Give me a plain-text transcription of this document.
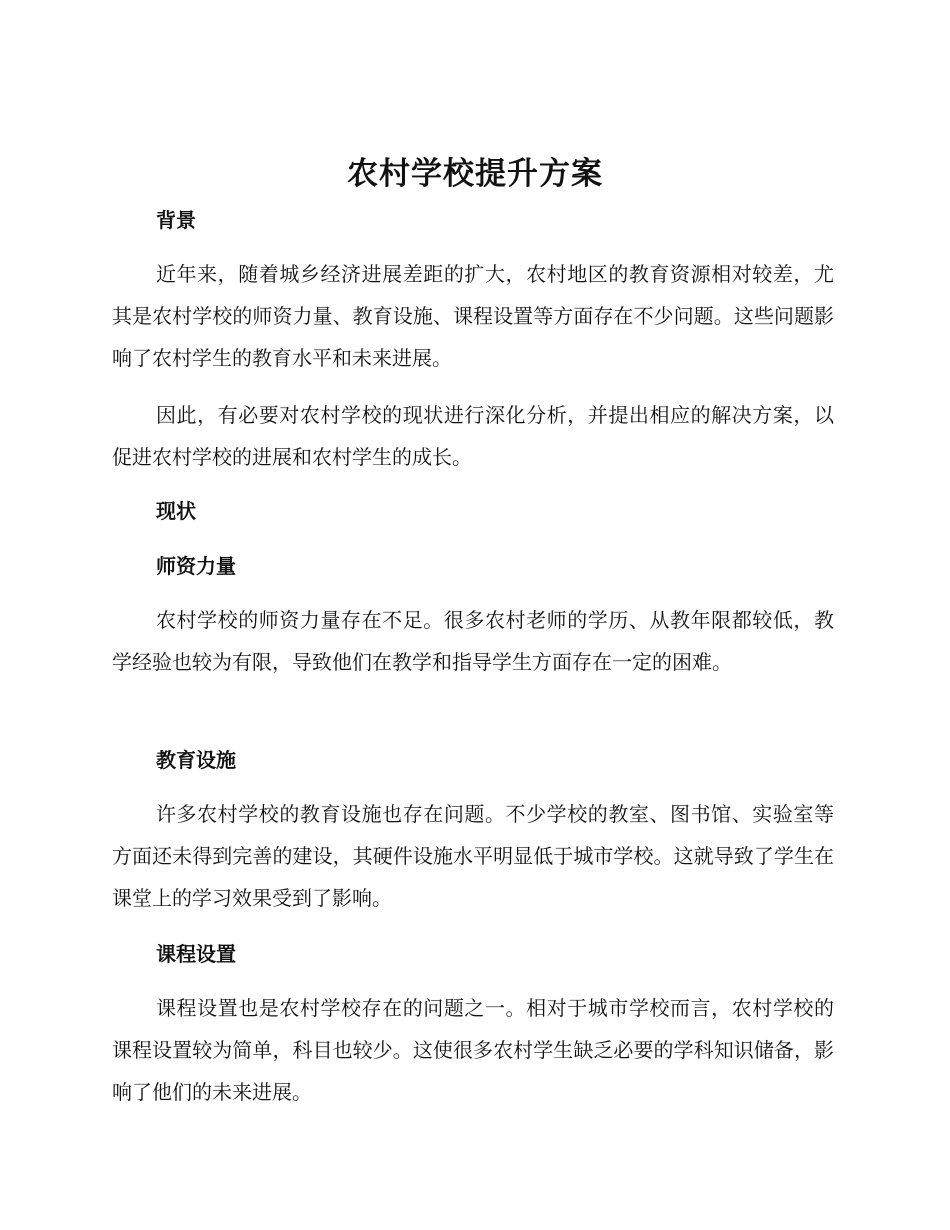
农村学校提升方案
背景

近年来，随着城乡经济进展差距的扩大，农村地区的教育资源相对较差，尤其是农村学校的师资力量、教育设施、课程设置等方面存在不少问题。这些问题影响了农村学生的教育水平和未来进展。

因此，有必要对农村学校的现状进行深化分析，并提出相应的解决方案，以促进农村学校的进展和农村学生的成长。

现状
师资力量

农村学校的师资力量存在不足。很多农村老师的学历、从教年限都较低，教学经验也较为有限，导致他们在教学和指导学生方面存在一定的困难。

教育设施

许多农村学校的教育设施也存在问题。不少学校的教室、图书馆、实验室等方面还未得到完善的建设，其硬件设施水平明显低于城市学校。这就导致了学生在课堂上的学习效果受到了影响。

课程设置

课程设置也是农村学校存在的问题之一。相对于城市学校而言，农村学校的课程设置较为简单，科目也较少。这使很多农村学生缺乏必要的学科知识储备，影响了他们的未来进展。
